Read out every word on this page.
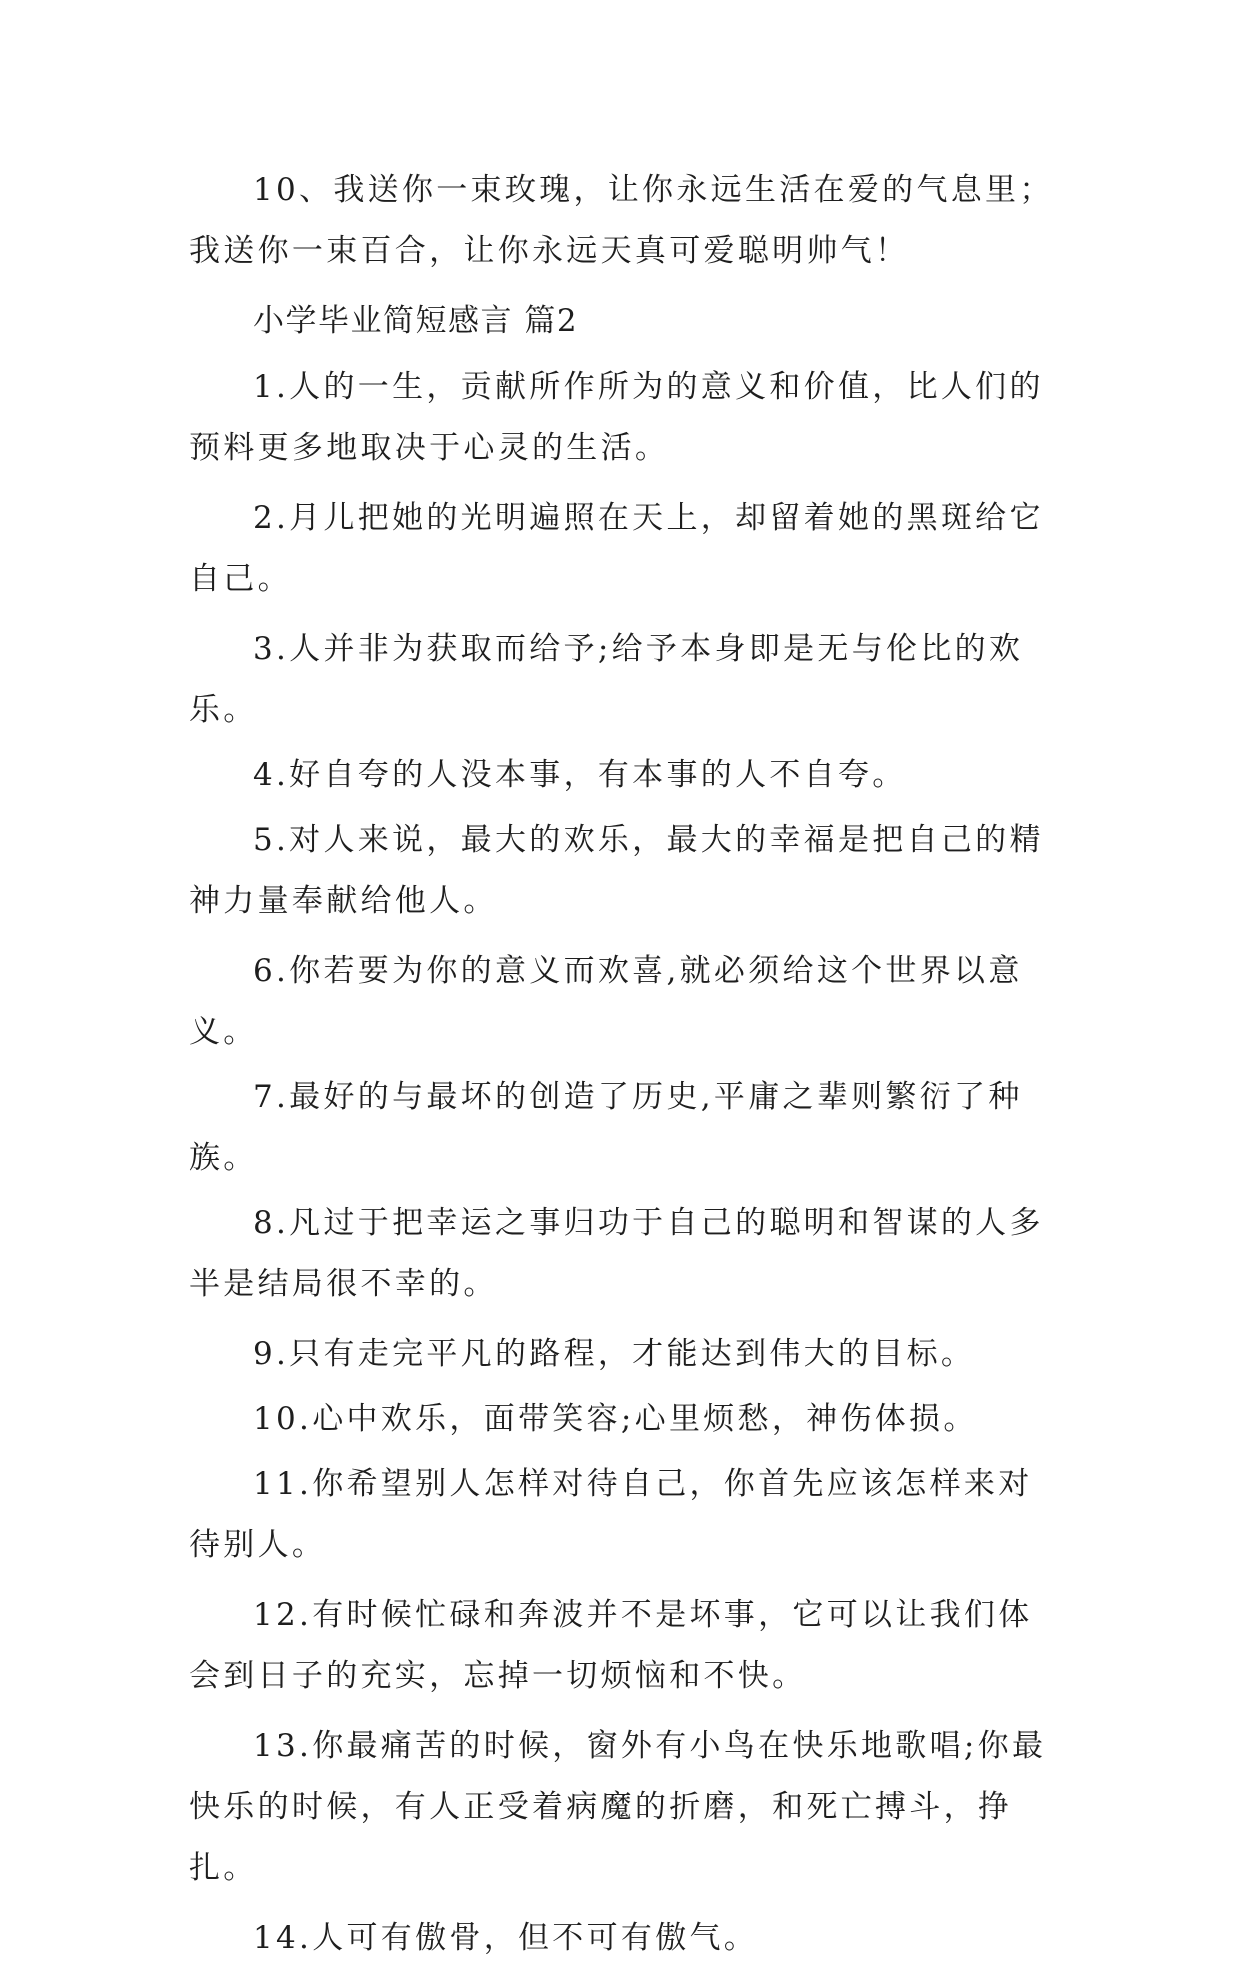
10、我送你一束玫瑰，让你永远生活在爱的气息里；我送你一束百合，让你永远天真可爱聪明帅气！

小学毕业简短感言 篇2

1.人的一生，贡献所作所为的意义和价值，比人们的预料更多地取决于心灵的生活。

2.月儿把她的光明遍照在天上，却留着她的黑斑给它自己。

3.人并非为获取而给予;给予本身即是无与伦比的欢乐。

4.好自夸的人没本事，有本事的人不自夸。

5.对人来说，最大的欢乐，最大的幸福是把自己的精神力量奉献给他人。

6.你若要为你的意义而欢喜,就必须给这个世界以意义。

7.最好的与最坏的创造了历史,平庸之辈则繁衍了种族。

8.凡过于把幸运之事归功于自己的聪明和智谋的人多半是结局很不幸的。

9.只有走完平凡的路程，才能达到伟大的目标。

10.心中欢乐，面带笑容;心里烦愁，神伤体损。

11.你希望别人怎样对待自己，你首先应该怎样来对待别人。

12.有时候忙碌和奔波并不是坏事，它可以让我们体会到日子的充实，忘掉一切烦恼和不快。

13.你最痛苦的时候，窗外有小鸟在快乐地歌唱;你最快乐的时候，有人正受着病魔的折磨，和死亡搏斗，挣扎。

14.人可有傲骨，但不可有傲气。
